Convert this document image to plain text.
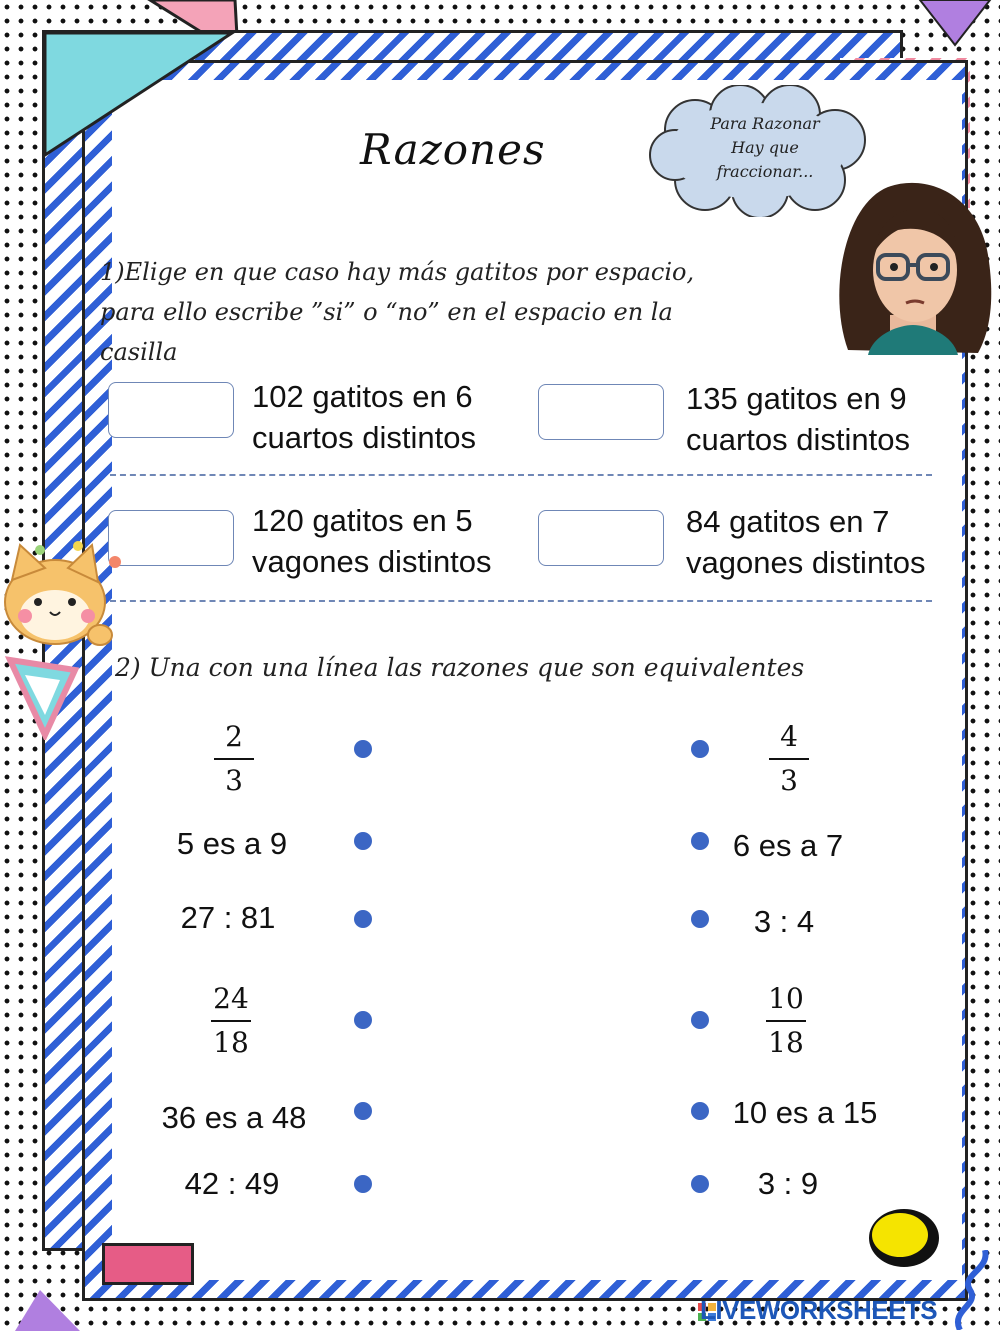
Razones
Para Razonar
Hay que
fraccionar...
1)Elige en que caso hay más gatitos por espacio,
para ello escribe ”si” o “no” en el espacio en la
casilla
102 gatitos en 6
cuartos distintos
135 gatitos en 9
cuartos distintos
120 gatitos en 5
vagones distintos
84 gatitos en 7
vagones distintos
2) Una con una línea las razones que son equivalentes
2
3
5 es a 9
27 : 81
24
18
36 es a 48
42 : 49
4
3
6 es a 7
3 : 4
10
18
10 es a 15
3 : 9
LIVEWORKSHEETS
